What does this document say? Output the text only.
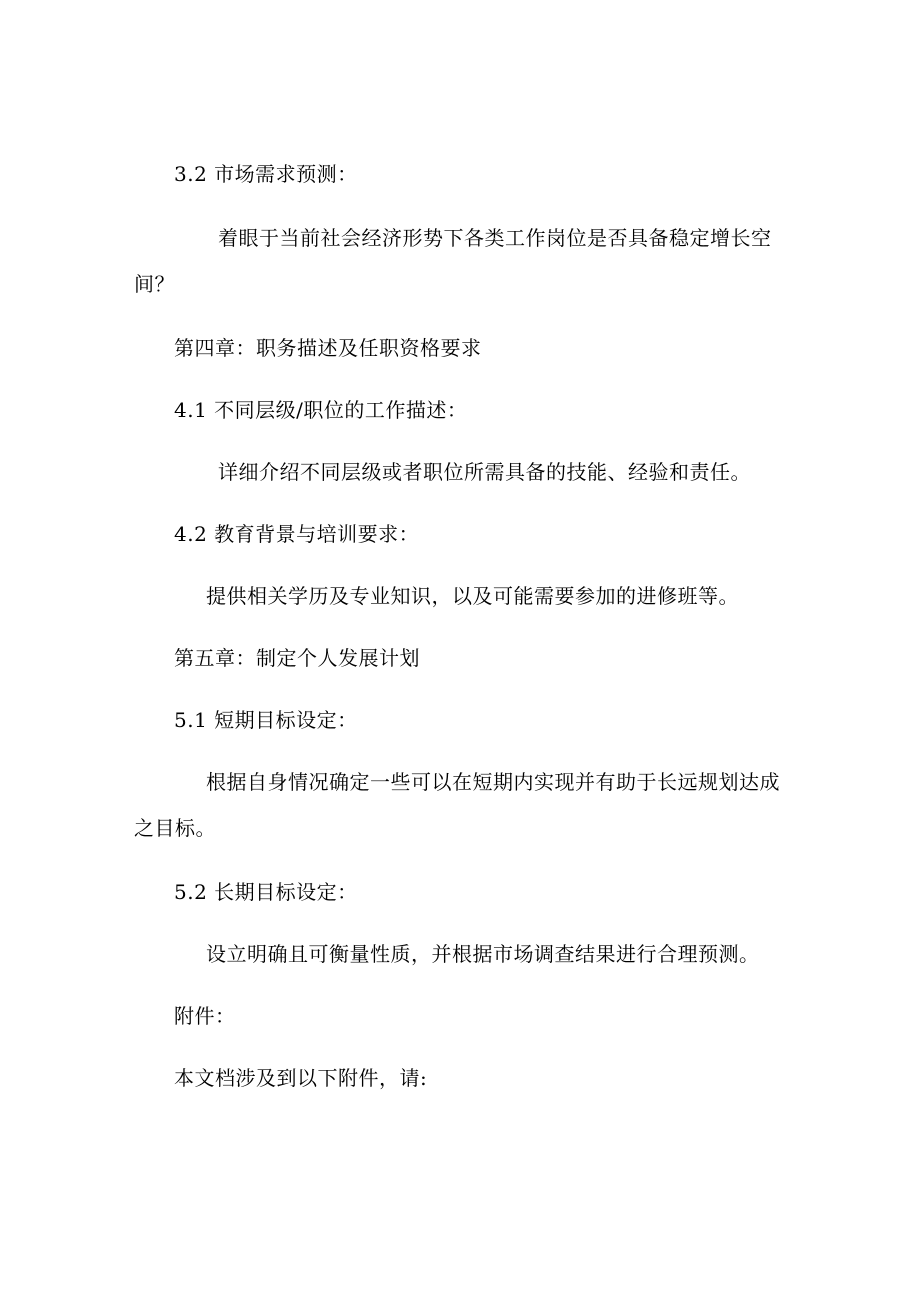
3.2 市场需求预测：
着眼于当前社会经济形势下各类工作岗位是否具备稳定增长空
间？
第四章：职务描述及任职资格要求
4.1 不同层级/职位的工作描述：
详细介绍不同层级或者职位所需具备的技能、经验和责任。
4.2 教育背景与培训要求：
提供相关学历及专业知识，以及可能需要参加的进修班等。
第五章：制定个人发展计划
5.1 短期目标设定：
根据自身情况确定一些可以在短期内实现并有助于长远规划达成
之目标。
5.2 长期目标设定：
设立明确且可衡量性质，并根据市场调查结果进行合理预测。
附件：
本文档涉及到以下附件，请:
